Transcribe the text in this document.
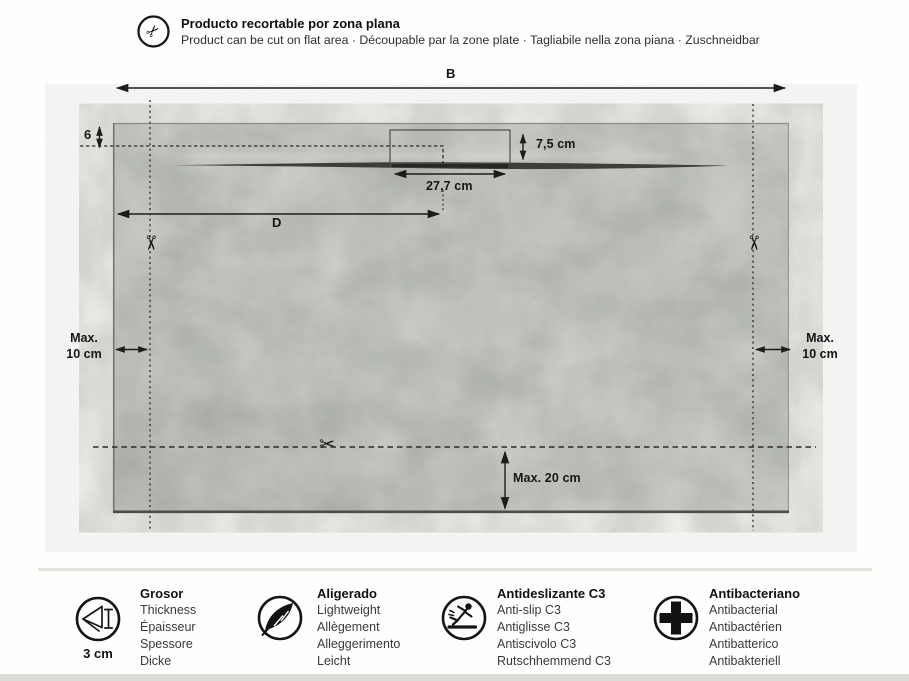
✂ Producto recortable por zona plana
Product can be cut on flat area · Découpable par la zone plate · Tagliabile nella zona piana · Zuschneidbar
B
6
7,5 cm
27,7 cm
D
Max.
10 cm
Max.
10 cm
Max. 20 cm
✂	✂
✂
3 cm
Grosor
Thickness
Épaisseur
Spessore
Dicke
Aligerado
Lightweight
Allègement
Alleggerimento
Leicht
Antideslizante C3
Anti-slip C3
Antiglisse C3
Antiscivolo C3
Rutschhemmend C3
Antibacteriano
Antibacterial
Antibactérien
Antibatterico
Antibakteriell
